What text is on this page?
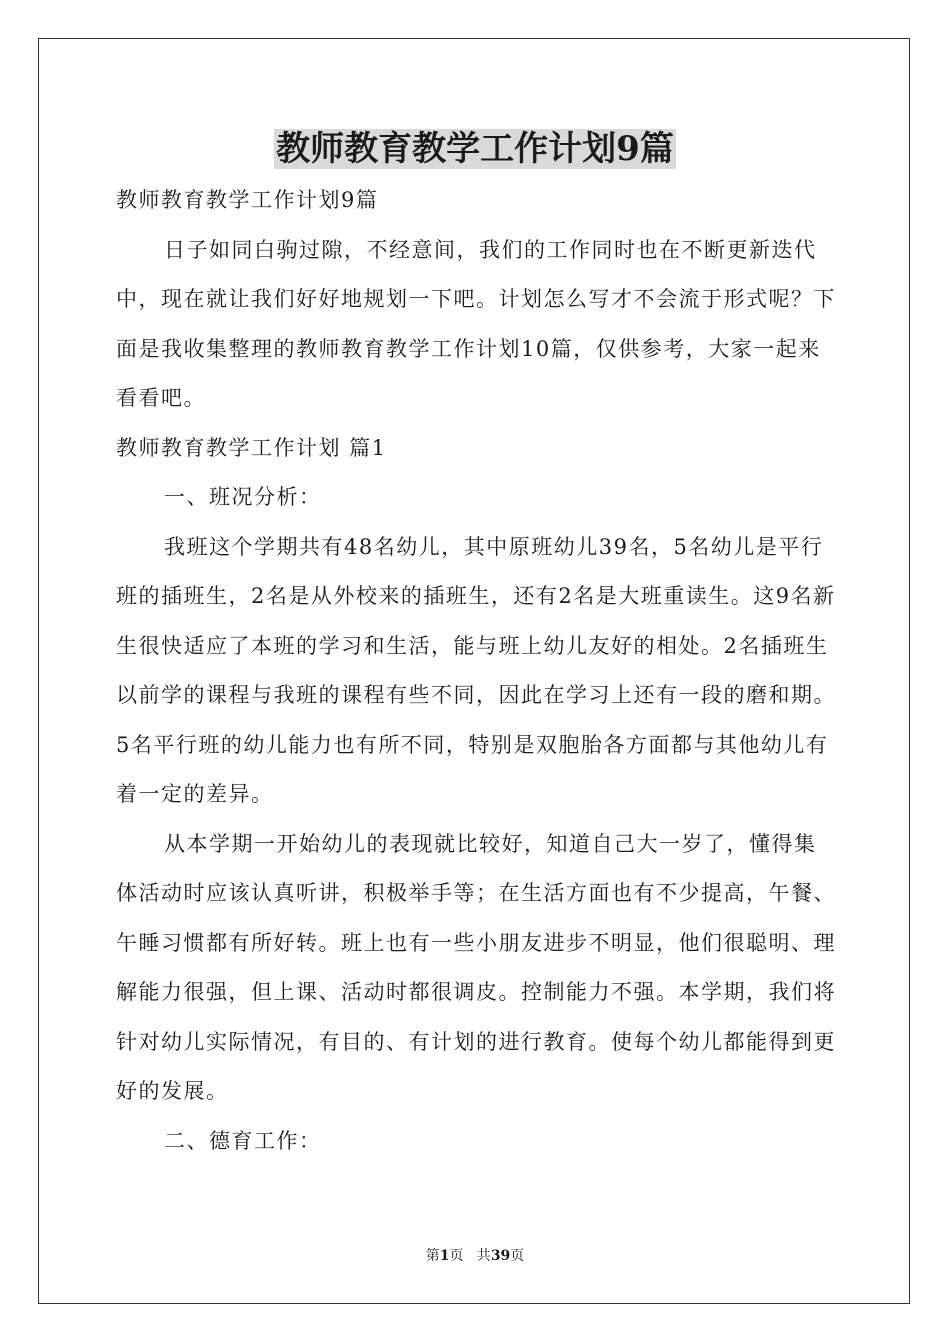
教师教育教学工作计划9篇

教师教育教学工作计划9篇

日子如同白驹过隙，不经意间，我们的工作同时也在不断更新迭代中，现在就让我们好好地规划一下吧。计划怎么写才不会流于形式呢？下面是我收集整理的教师教育教学工作计划10篇，仅供参考，大家一起来看看吧。

教师教育教学工作计划 篇1

一、班况分析：

我班这个学期共有48名幼儿，其中原班幼儿39名，5名幼儿是平行班的插班生，2名是从外校来的插班生，还有2名是大班重读生。这9名新生很快适应了本班的学习和生活，能与班上幼儿友好的相处。2名插班生以前学的课程与我班的课程有些不同，因此在学习上还有一段的磨和期。5名平行班的幼儿能力也有所不同，特别是双胞胎各方面都与其他幼儿有着一定的差异。

从本学期一开始幼儿的表现就比较好，知道自己大一岁了，懂得集体活动时应该认真听讲，积极举手等；在生活方面也有不少提高，午餐、午睡习惯都有所好转。班上也有一些小朋友进步不明显，他们很聪明、理解能力很强，但上课、活动时都很调皮。控制能力不强。本学期，我们将针对幼儿实际情况，有目的、有计划的进行教育。使每个幼儿都能得到更好的发展。

二、德育工作：

第1页   共39页
